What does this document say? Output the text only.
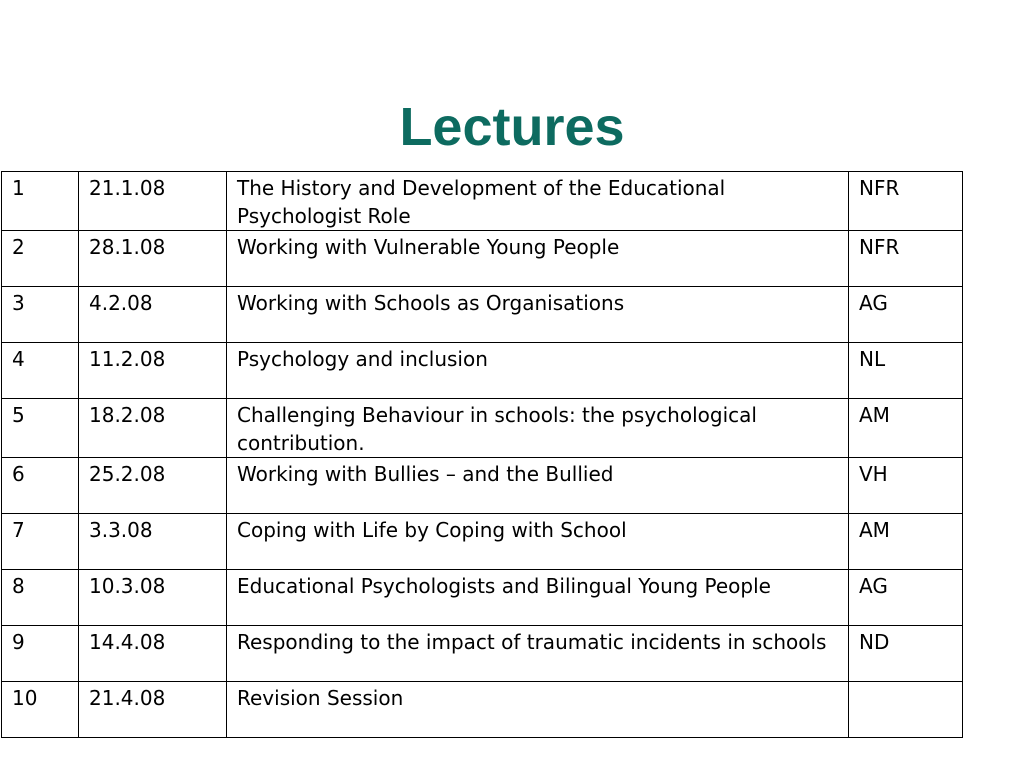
Lectures
1	21.1.08	The History and Development of the Educational Psychologist Role	NFR
2	28.1.08	Working with Vulnerable Young People	NFR
3	4.2.08	Working with Schools as Organisations	AG
4	11.2.08	Psychology and inclusion	NL
5	18.2.08	Challenging Behaviour in schools: the psychological contribution.	AM
6	25.2.08	Working with Bullies – and the Bullied	VH
7	3.3.08	Coping with Life by Coping with School	AM
8	10.3.08	Educational Psychologists and Bilingual Young People	AG
9	14.4.08	Responding to the impact of traumatic incidents in schools	ND
10	21.4.08	Revision Session	
